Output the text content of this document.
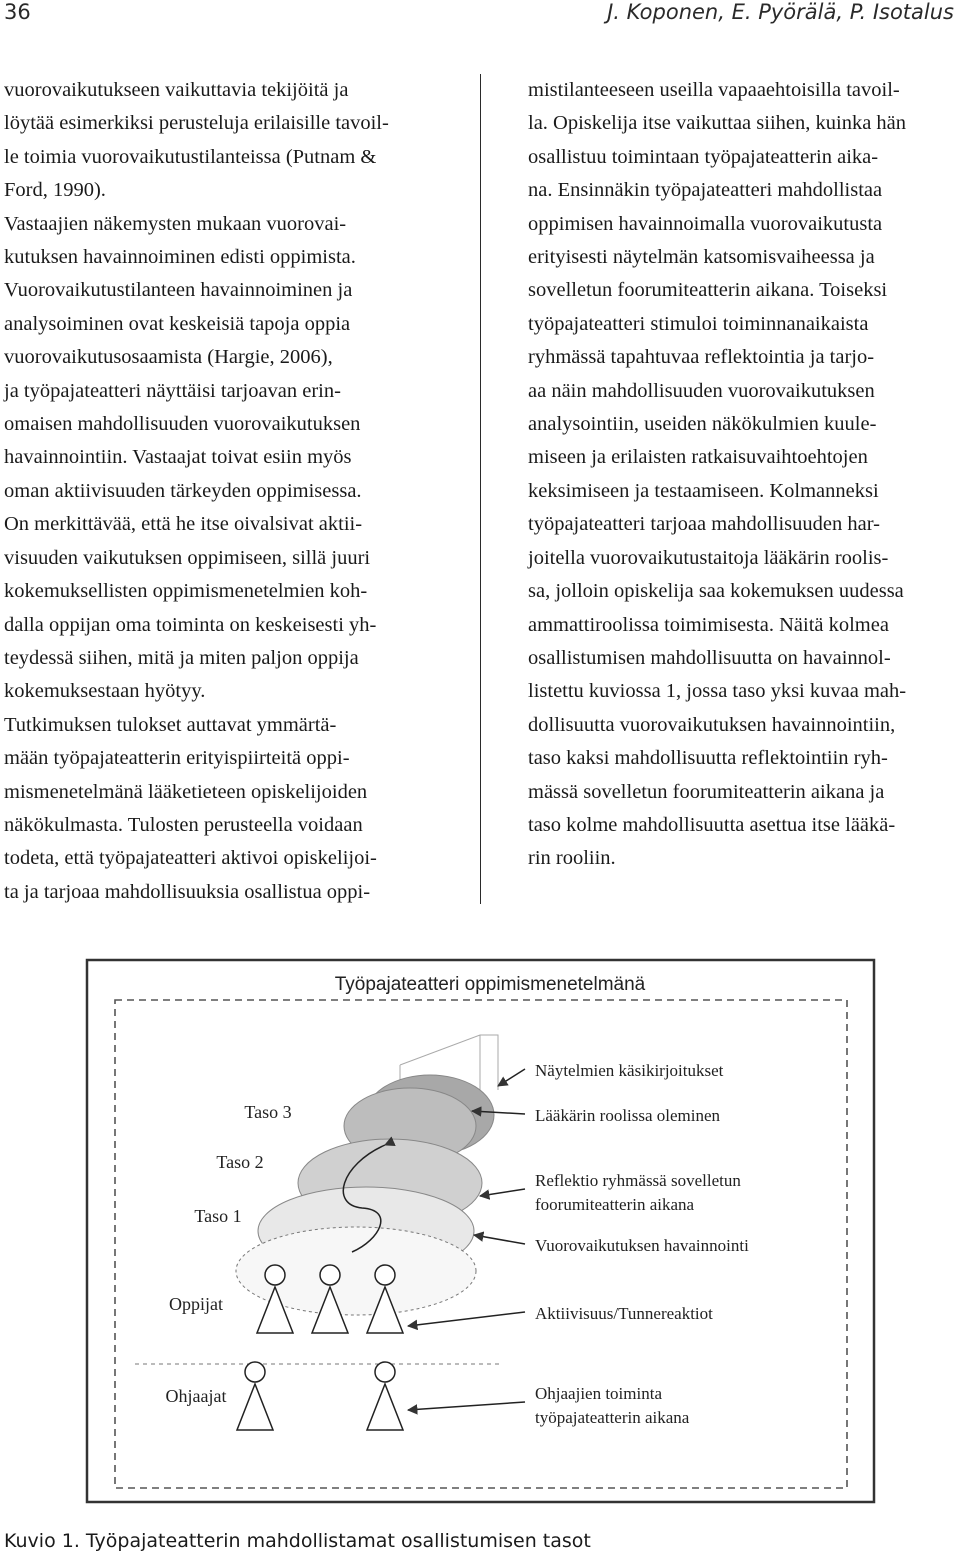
36	J. Koponen, E. Pyörälä, P. Isotalus
vuorovaikutukseen vaikuttavia tekijöitä ja
löytää esimerkiksi perusteluja erilaisille tavoil-
le toimia vuorovaikutustilanteissa (Putnam &
Ford, 1990).
Vastaajien näkemysten mukaan vuorovai-
kutuksen havainnoiminen edisti oppimista.
Vuorovaikutustilanteen havainnoiminen ja
analysoiminen ovat keskeisiä tapoja oppia
vuorovaikutusosaamista (Hargie, 2006),
ja työpajateatteri näyttäisi tarjoavan erin-
omaisen mahdollisuuden vuorovaikutuksen
havainnointiin. Vastaajat toivat esiin myös
oman aktiivisuuden tärkeyden oppimisessa.
On merkittävää, että he itse oivalsivat aktii-
visuuden vaikutuksen oppimiseen, sillä juuri
kokemuksellisten oppimismenetelmien koh-
dalla oppijan oma toiminta on keskeisesti yh-
teydessä siihen, mitä ja miten paljon oppija
kokemuksestaan hyötyy.
Tutkimuksen tulokset auttavat ymmärtä-
mään työpajateatterin erityispiirteitä oppi-
mismenetelmänä lääketieteen opiskelijoiden
näkökulmasta. Tulosten perusteella voidaan
todeta, että työpajateatteri aktivoi opiskelijoi-
ta ja tarjoaa mahdollisuuksia osallistua oppi-
mistilanteeseen useilla vapaaehtoisilla tavoil-
la. Opiskelija itse vaikuttaa siihen, kuinka hän
osallistuu toimintaan työpajateatterin aika-
na. Ensinnäkin työpajateatteri mahdollistaa
oppimisen havainnoimalla vuorovaikutusta
erityisesti näytelmän katsomisvaiheessa ja
sovelletun foorumiteatterin aikana. Toiseksi
työpajateatteri stimuloi toiminnanaikaista
ryhmässä tapahtuvaa reflektointia ja tarjo-
aa näin mahdollisuuden vuorovaikutuksen
analysointiin, useiden näkökulmien kuule-
miseen ja erilaisten ratkaisuvaihtoehtojen
keksimiseen ja testaamiseen. Kolmanneksi
työpajateatteri tarjoaa mahdollisuuden har-
joitella vuorovaikutustaitoja lääkärin roolis-
sa, jolloin opiskelija saa kokemuksen uudessa
ammattiroolissa toimimisesta. Näitä kolmea
osallistumisen mahdollisuutta on havainnol-
listettu kuviossa 1, jossa taso yksi kuvaa mah-
dollisuutta vuorovaikutuksen havainnointiin,
taso kaksi mahdollisuutta reflektointiin ryh-
mässä sovelletun foorumiteatterin aikana ja
taso kolme mahdollisuutta asettua itse lääkä-
rin rooliin.
Työpajateatteri oppimismenetelmänä
Taso 3
Taso 2
Taso 1
Oppijat
Ohjaajat
Näytelmien käsikirjoitukset
Lääkärin roolissa oleminen
Reflektio ryhmässä sovelletun
foorumiteatterin aikana
Vuorovaikutuksen havainnointi
Aktiivisuus/Tunnereaktiot
Ohjaajien toiminta
työpajateatterin aikana
Kuvio 1. Työpajateatterin mahdollistamat osallistumisen tasot
